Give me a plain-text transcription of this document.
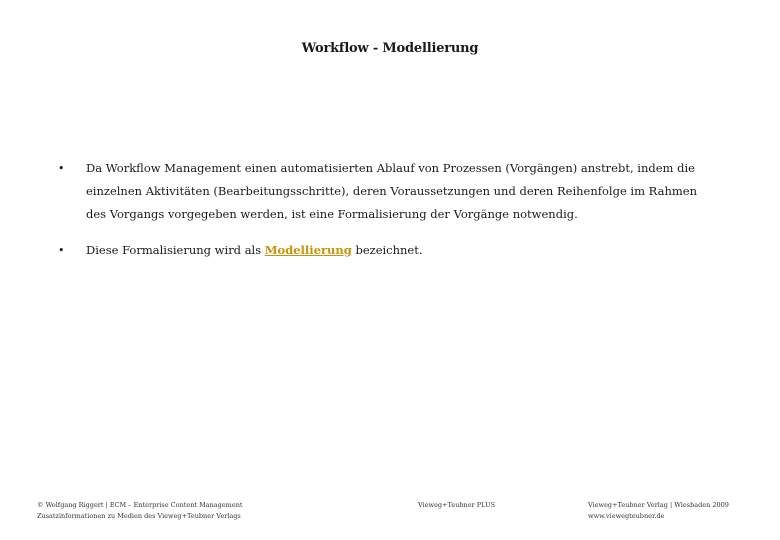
Workflow - Modellierung
• Da Workflow Management einen automatisierten Ablauf von Prozessen (Vorgängen) anstrebt, indem die einzelnen Aktivitäten (Bearbeitungsschritte), deren Voraussetzungen und deren Reihenfolge im Rahmen des Vorgangs vorgegeben werden, ist eine Formalisierung der Vorgänge notwendig.
• Diese Formalisierung wird als Modellierung bezeichnet.
© Wolfgang Riggert | ECM – Enterprise Content Management
Zusatzinformationen zu Medien des Vieweg+Teubner Verlags
Vieweg+Teubner PLUS	Vieweg+Teubner Verlag | Wiesbaden 2009
www.viewegteubner.de
